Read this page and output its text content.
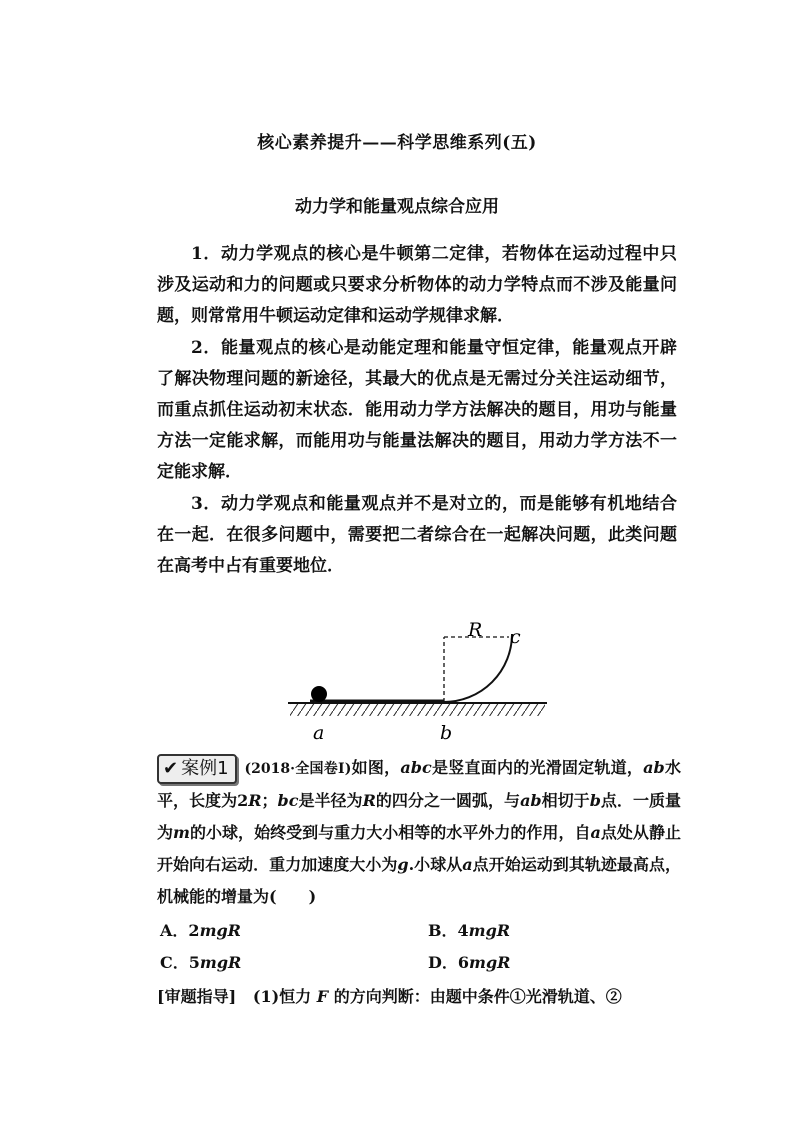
核心素养提升——科学思维系列(五)
动力学和能量观点综合应用

1．动力学观点的核心是牛顿第二定律，若物体在运动过程中只涉及运动和力的问题或只要求分析物体的动力学特点而不涉及能量问题，则常常用牛顿运动定律和运动学规律求解．

2．能量观点的核心是动能定理和能量守恒定律，能量观点开辟了解决物理问题的新途径，其最大的优点是无需过分关注运动细节，而重点抓住运动初末状态．能用动力学方法解决的题目，用功与能量方法一定能求解，而能用功与能量法解决的题目，用动力学方法不一定能求解．

3．动力学观点和能量观点并不是对立的，而是能够有机地结合在一起．在很多问题中，需要把二者综合在一起解决问题，此类问题在高考中占有重要地位．

R c
a	b
✔ 案例1 (2018·全国卷Ⅰ)如图，abc是竖直面内的光滑固定轨道，ab水平，长度为2R；bc是半径为R的四分之一圆弧，与ab相切于b点．一质量为m的小球，始终受到与重力大小相等的水平外力的作用，自a点处从静止开始向右运动．重力加速度大小为g.小球从a点开始运动到其轨迹最高点，机械能的增量为(　　)
A．2mgR	B．4mgR
C．5mgR	D．6mgR
[审题指导] (1)恒力 F 的方向判断：由题中条件①光滑轨道、②
